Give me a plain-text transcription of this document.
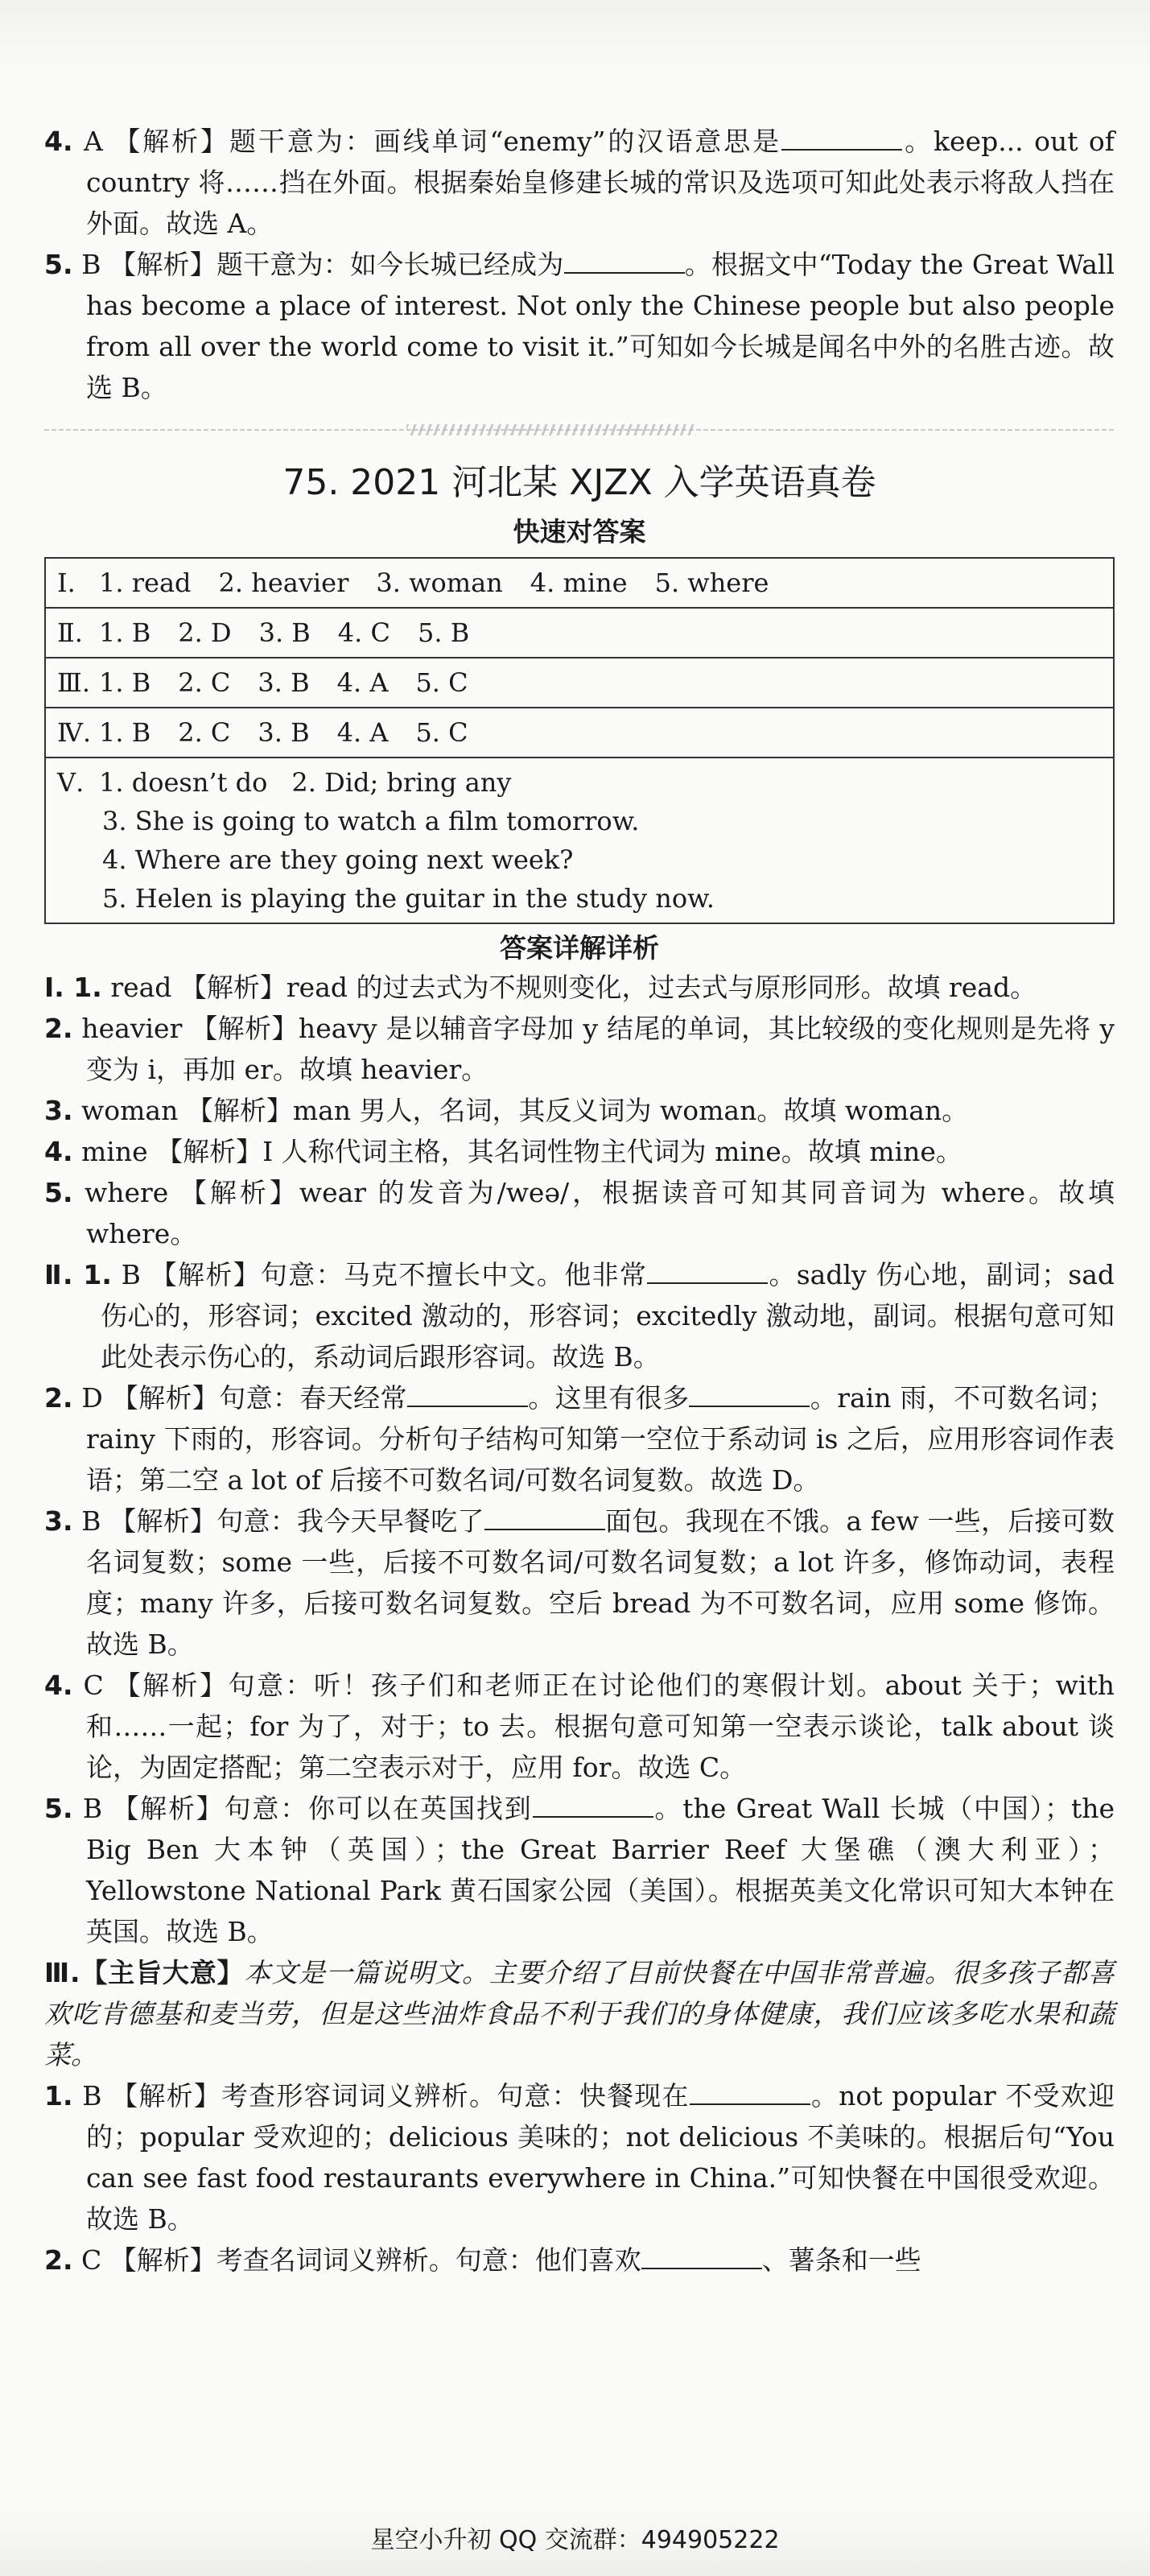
4. A 【解析】题干意为：画线单词“enemy”的汉语意思是	。keep... out of country 将……挡在外面。根据秦始皇修建长城的常识及选项可知此处表示将敌人挡在外面。故选 A。

5. B 【解析】题干意为：如今长城已经成为	。根据文中“Today the Great Wall has become a place of interest. Not only the Chinese people but also people from all over the world come to visit it.”可知如今长城是闻名中外的名胜古迹。故选 B。

75. 2021 河北某 XJZX 入学英语真卷
快速对答案
Ⅰ. 1. read 2. heavier 3. woman 4. mine 5. where
Ⅱ. 1. B 2. D 3. B 4. C 5. B
Ⅲ. 1. B 2. C 3. B 4. A 5. C
Ⅳ. 1. B 2. C 3. B 4. A 5. C
Ⅴ. 1. doesn’t do 2. Did; bring any
3. She is going to watch a film tomorrow.
4. Where are they going next week?
5. Helen is playing the guitar in the study now.
答案详解详析

Ⅰ. 1. read 【解析】read 的过去式为不规则变化，过去式与原形同形。故填 read。

2. heavier 【解析】heavy 是以辅音字母加 y 结尾的单词，其比较级的变化规则是先将 y 变为 i，再加 er。故填 heavier。

3. woman 【解析】man 男人，名词，其反义词为 woman。故填 woman。

4. mine 【解析】I 人称代词主格，其名词性物主代词为 mine。故填 mine。

5. where 【解析】wear 的发音为/weə/，根据读音可知其同音词为 where。故填 where。

Ⅱ. 1. B 【解析】句意：马克不擅长中文。他非常	。sadly 伤心地，副词；sad 伤心的，形容词；excited 激动的，形容词；excitedly 激动地，副词。根据句意可知此处表示伤心的，系动词后跟形容词。故选 B。

2. D 【解析】句意：春天经常	。这里有很多	。rain 雨，不可数名词；rainy 下雨的，形容词。分析句子结构可知第一空位于系动词 is 之后，应用形容词作表语；第二空 a lot of 后接不可数名词/可数名词复数。故选 D。

3. B 【解析】句意：我今天早餐吃了	面包。我现在不饿。a few 一些，后接可数名词复数；some 一些，后接不可数名词/可数名词复数；a lot 许多，修饰动词，表程度；many 许多，后接可数名词复数。空后 bread 为不可数名词，应用 some 修饰。故选 B。

4. C 【解析】句意：听！孩子们和老师正在讨论他们的寒假计划。about 关于；with 和……一起；for 为了，对于；to 去。根据句意可知第一空表示谈论，talk about 谈论，为固定搭配；第二空表示对于，应用 for。故选 C。

5. B 【解析】句意：你可以在英国找到	。the Great Wall 长城（中国）；the Big Ben 大本钟（英国）；the Great Barrier Reef 大堡礁（澳大利亚）；Yellowstone National Park 黄石国家公园（美国）。根据英美文化常识可知大本钟在英国。故选 B。

Ⅲ.【主旨大意】本文是一篇说明文。主要介绍了目前快餐在中国非常普遍。很多孩子都喜欢吃肯德基和麦当劳，但是这些油炸食品不利于我们的身体健康，我们应该多吃水果和蔬菜。

1. B 【解析】考查形容词词义辨析。句意：快餐现在	。not popular 不受欢迎的；popular 受欢迎的；delicious 美味的；not delicious 不美味的。根据后句“You can see fast food restaurants everywhere in China.”可知快餐在中国很受欢迎。故选 B。

2. C 【解析】考查名词词义辨析。句意：他们喜欢	、薯条和一些

星空小升初 QQ 交流群：494905222
